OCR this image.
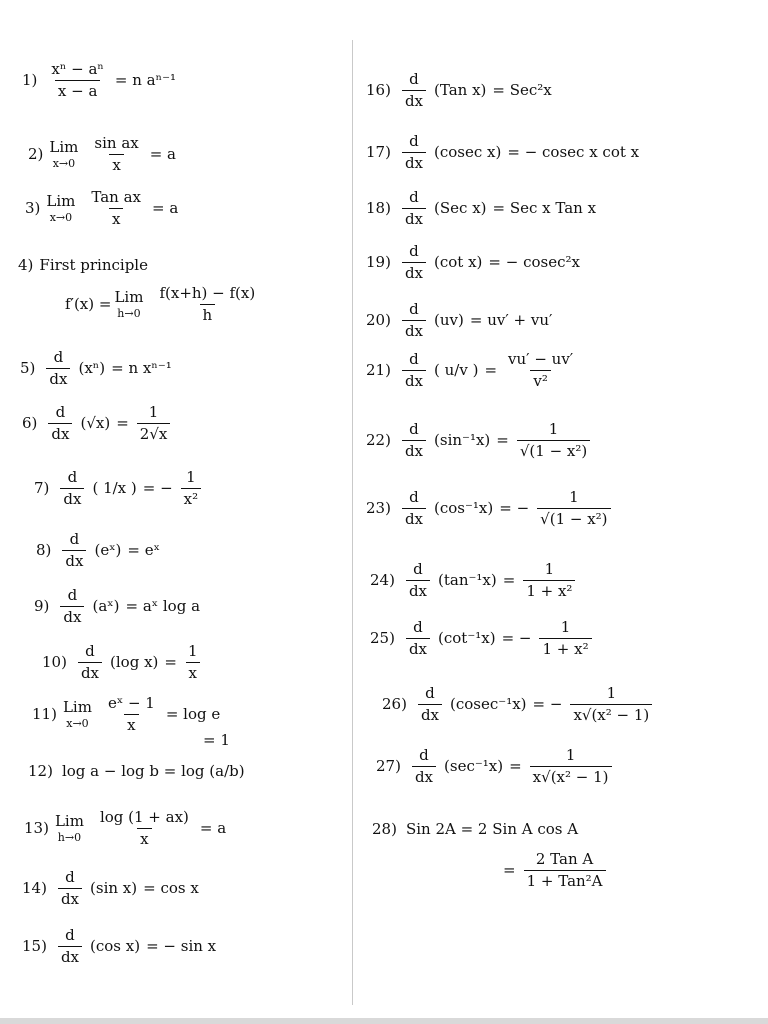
$1) \frac{\text{xⁿ − aⁿ}}{x - a} = n$ aⁿ⁻¹
2) Lim
$x\to 0 \frac{\text{sin ax}}{x} = a$
3) Lim
$x\to 0 \frac{\text{Tan ax}}{x} = a$
4) First principle
f′(x) = Lim
$h\to 0 \frac{f(x+h) - f(x)}{h}$
$5) \frac{d}{dx} (x^n) = n$ xⁿ⁻¹
$6) \frac{d}{dx} (√x) = \frac{1}{2√x}$
$7) \frac{d}{dx}$ ( 1/x ) = − $\frac{1}{\text{x²}}$
$8) \frac{d}{dx}$ (eˣ) = eˣ
$9) \frac{d}{dx}$ (aˣ) = aˣ log a
$10) \frac{d}{dx} (\log$ $x) = \frac{1}{x}$
11) Lim
$x\to 0 \frac{\text{eˣ − 1}}{x} = \log e$
= 1
12) log a − log b = log (a/b)
13) Lim
$h\to 0 \frac{\log (1 + ax)}{x} = a$
$14) \frac{d}{dx} (\sin$ x) = cos x
$15) \frac{d}{dx} (\cos$ x) = − sin x
$16) \frac{d}{dx} (Tan$ x) = Sec²x
$17) \frac{d}{dx} (cosec$ x) = − cosec x cot x
$18) \frac{d}{dx} (Sec$ x) = Sec x Tan x
$19) \frac{d}{dx} (\cot$ x) = − cosec²x
$20) \frac{d}{dx} (uv) = uv' + vu'$
$21) \frac{d}{dx}$ ( u/v ) = $\frac{vu' - uv'}{\text{v²}}$
$22) \frac{d}{dx} (\sin^{-1}x) = \frac{1}{\text{√(1 − x²)}}$
$23) \frac{d}{dx} (\cos^{-1}x)$ = − $\frac{1}{\text{√(1 − x²)}}$
$24) \frac{d}{dx} (\tan^{-1}x) = \frac{1}{\text{1 + x²}}$
$25) \frac{d}{dx} (\cot^{-1}x)$ = − $\frac{1}{\text{1 + x²}}$
$26) \frac{d}{dx} (cosec^{-1}x)$ = − $\frac{1}{\text{x√(x² − 1)}}$
$27) \frac{d}{dx} (\sec^{-1}x) = \frac{1}{\text{x√(x² − 1)}}$
28) Sin 2A = 2 Sin A cos A
= $\frac{\text{2 Tan A}}{\text{1 + Tan²A}}$
